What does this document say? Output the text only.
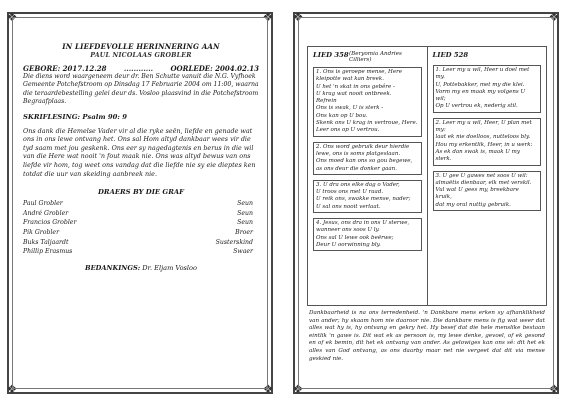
❖	❖
❖	❖
IN LIEFDEVOLLE HERINNERING AAN
PAUL NICOLAAS GROBLER
GEBORE: 2017.12.28 ............ OORLEDE: 2004.02.13

Die diens word waargeneem deur dr. Ben Schutte vanuit die N.G. Vyfhoek Gemeente Potchefstroom op Dinsdag 17 Februarie 2004 om 11:00, waarna die teraardebestelling gelei deur ds. Vosloo plaasvind in die Potchefstroom Begraafplaas.

SKRIFLESING: Psalm 90: 9

Ons dank die Hemelse Vader vir al die ryke seën, liefde en genade wat ons in ons lewe ontvang het. Ons sal Hom altyd dankbaar wees vir die tyd saam met jou geskenk. Ons eer sy nagedagtenis en berus in die wil van die Here wat nooit 'n fout maak nie. Ons was altyd bewus van ons liefde vir hom, tog weet ons vandag dat die liefde nie sy eie dieptes ken totdat die uur van skeiding aanbreek nie.

DRAERS BY DIE GRAF
Paul Grobler	Seun
André Grobler	Seun
Francios Grobler	Seun
Pik Grobler	Broer
Buks Taljaardt	Susterskind
Phillip Erasmus	Swaer
BEDANKINGS: Dr. Eljam Vosloo
❖	❖
❖	❖
LIED 358 (Beryomia Andries Cilliers)

1. Ons is geroepe mense, Here
kleipotte wat kan breek.
U het 'n skat in ons gebêre -
U krag wat nooit ontbreek.
Refrein
Ons is swak, U is sterk -
Ons kan op U bou.
Skenk ons U krag in vertroue, Here.
Leer ons op U vertrou.

2. Ons word gebruik deur hierdie
lewe, ons is soms platgeslaan.
Ons moed kan ons so gou begewe,
as ons deur die donker gaan.

3. U dra ons elke dag o Vader,
U troos ons met U raad.
U reik ons, swakke mense, nader;
U sal ons nooit verlaat.

4. Jesus, ons dra in ons U sterwe,
wanneer ons soos U ly.
Ons sal U lewe ook beërwe;
Deur U oorwinning bly.

LIED 528

1. Leer my u wil, Heer u doel met
my.
U, Pottebakker, met my die klei.
Vorm my en maak my volgens U
wil;
Op U vertrou ek, nederig stil.

2. Leer my u wil, Heer, U plan met
my:
laat ek nie doelloos, nutteloos bly.
Hou my erkentlik, Heer, in u werk:
As ek dan swak is, maak U my
sterk.

3. U gee U gawes net soos U wil:
almaëtis dienbaar, elk met verskil.
Vul wat U gees my, breekbare
kruik,
dat my oral nuttig gebruik.

Dankbaarheid is na ons terredenheid. 'n Dankbare mens erken sy afhanklikheid van ander; hy skaam hom nie daaroor nie. Die dankbare mens is fig wat weer dat alles wat hy is, hy ontvang en gekry het. Hy besef dat die hele menslike bestaan eintlik 'n gawe is. Dit wat ek as persoon is, my lewe denke, gevoel, of ek gesond en of ek bemin, dit het ek ontvang van ander. As gelowiges kan ons sê: dit het ek alles van God ontvang, as ons daarby maar net nie vergeet dat dit via mense geskied nie.
